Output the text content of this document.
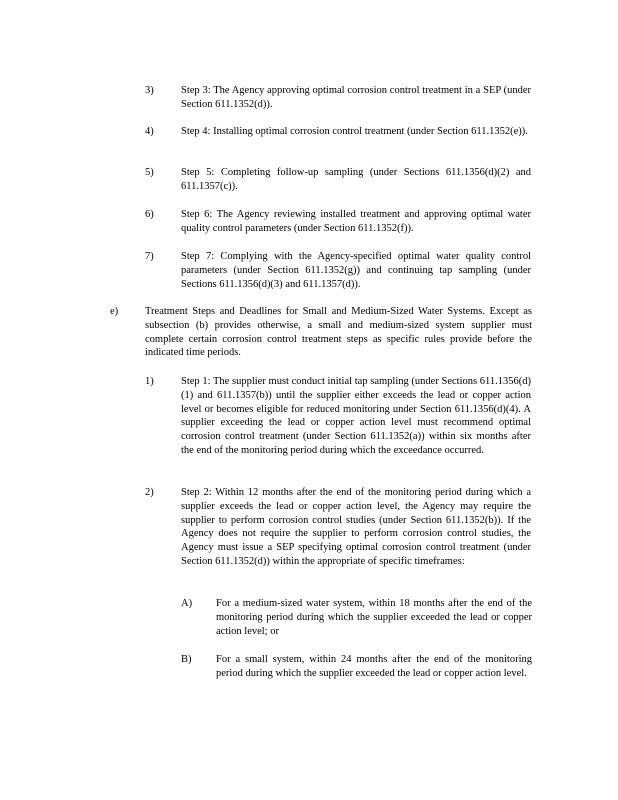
3)	Step 3: The Agency approving optimal corrosion control treatment in a SEP (under Section 611.1352(d)).
4)	Step 4: Installing optimal corrosion control treatment (under Section 611.1352(e)).
5)	Step 5: Completing follow-up sampling (under Sections 611.1356(d)(2) and 611.1357(c)).
6)	Step 6: The Agency reviewing installed treatment and approving optimal water quality control parameters (under Section 611.1352(f)).
7)	Step 7: Complying with the Agency-specified optimal water quality control parameters (under Section 611.1352(g)) and continuing tap sampling (under Sections 611.1356(d)(3) and 611.1357(d)).
e)	Treatment Steps and Deadlines for Small and Medium-Sized Water Systems. Except as subsection (b) provides otherwise, a small and medium-sized system supplier must complete certain corrosion control treatment steps as specific rules provide before the indicated time periods.
1)	Step 1: The supplier must conduct initial tap sampling (under Sections 611.1356(d)(1) and 611.1357(b)) until the supplier either exceeds the lead or copper action level or becomes eligible for reduced monitoring under Section 611.1356(d)(4). A supplier exceeding the lead or copper action level must recommend optimal corrosion control treatment (under Section 611.1352(a)) within six months after the end of the monitoring period during which the exceedance occurred.
2)	Step 2: Within 12 months after the end of the monitoring period during which a supplier exceeds the lead or copper action level, the Agency may require the supplier to perform corrosion control studies (under Section 611.1352(b)). If the Agency does not require the supplier to perform corrosion control studies, the Agency must issue a SEP specifying optimal corrosion control treatment (under Section 611.1352(d)) within the appropriate of specific timeframes:
A) For a medium-sized water system, within 18 months after the end of the monitoring period during which the supplier exceeded the lead or copper action level; or
B) For a small system, within 24 months after the end of the monitoring period during which the supplier exceeded the lead or copper action level.
